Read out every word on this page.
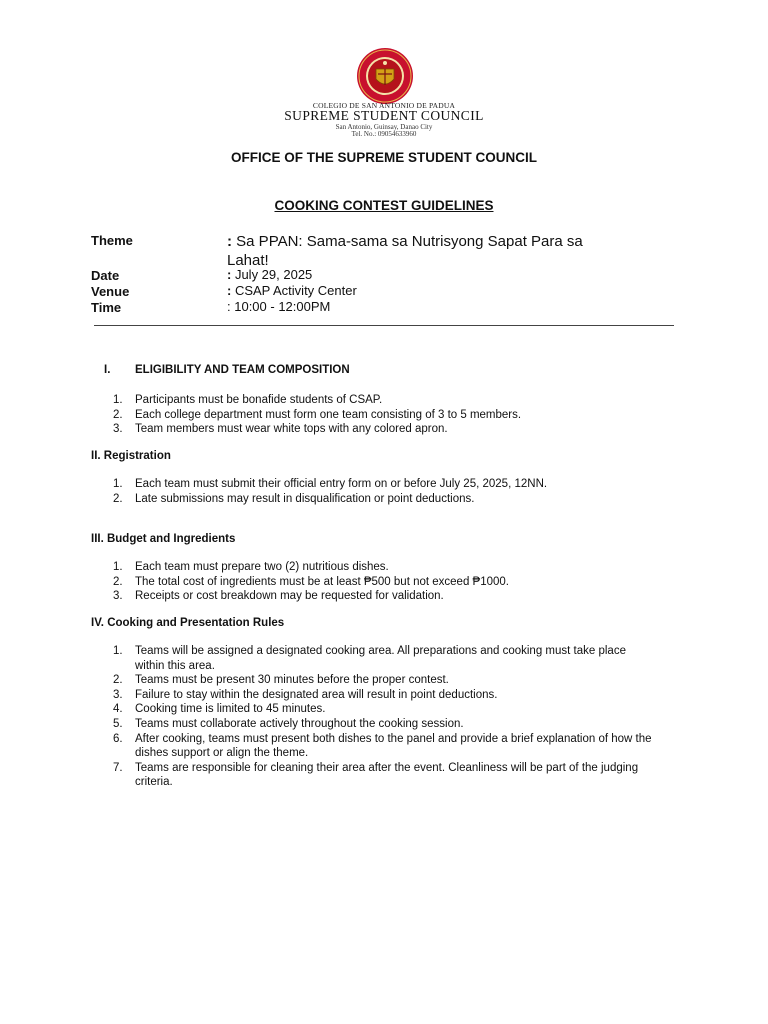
COLEGIO DE SAN ANTONIO DE PADUA
SUPREME STUDENT COUNCIL
San Antonio, Guinsay, Danao City
Tel. No.: 09054633960
OFFICE OF THE SUPREME STUDENT COUNCIL
COOKING CONTEST GUIDELINES
Theme	: Sa PPAN: Sama-sama sa Nutrisyong Sapat Para sa Lahat!
Date	: July 29, 2025
Venue	: CSAP Activity Center
Time	: 10:00 - 12:00PM
I. ELIGIBILITY AND TEAM COMPOSITION
1. Participants must be bonafide students of CSAP.
2. Each college department must form one team consisting of 3 to 5 members.
3. Team members must wear white tops with any colored apron.
II. Registration
1. Each team must submit their official entry form on or before July 25, 2025, 12NN.
2. Late submissions may result in disqualification or point deductions.
III. Budget and Ingredients
1. Each team must prepare two (2) nutritious dishes.
2. The total cost of ingredients must be at least ₱500 but not exceed ₱1000.
3. Receipts or cost breakdown may be requested for validation.
IV. Cooking and Presentation Rules
1. Teams will be assigned a designated cooking area. All preparations and cooking must take place within this area.
2. Teams must be present 30 minutes before the proper contest.
3. Failure to stay within the designated area will result in point deductions.
4. Cooking time is limited to 45 minutes.
5. Teams must collaborate actively throughout the cooking session.
6. After cooking, teams must present both dishes to the panel and provide a brief explanation of how the dishes support or align the theme.
7. Teams are responsible for cleaning their area after the event. Cleanliness will be part of the judging criteria.
